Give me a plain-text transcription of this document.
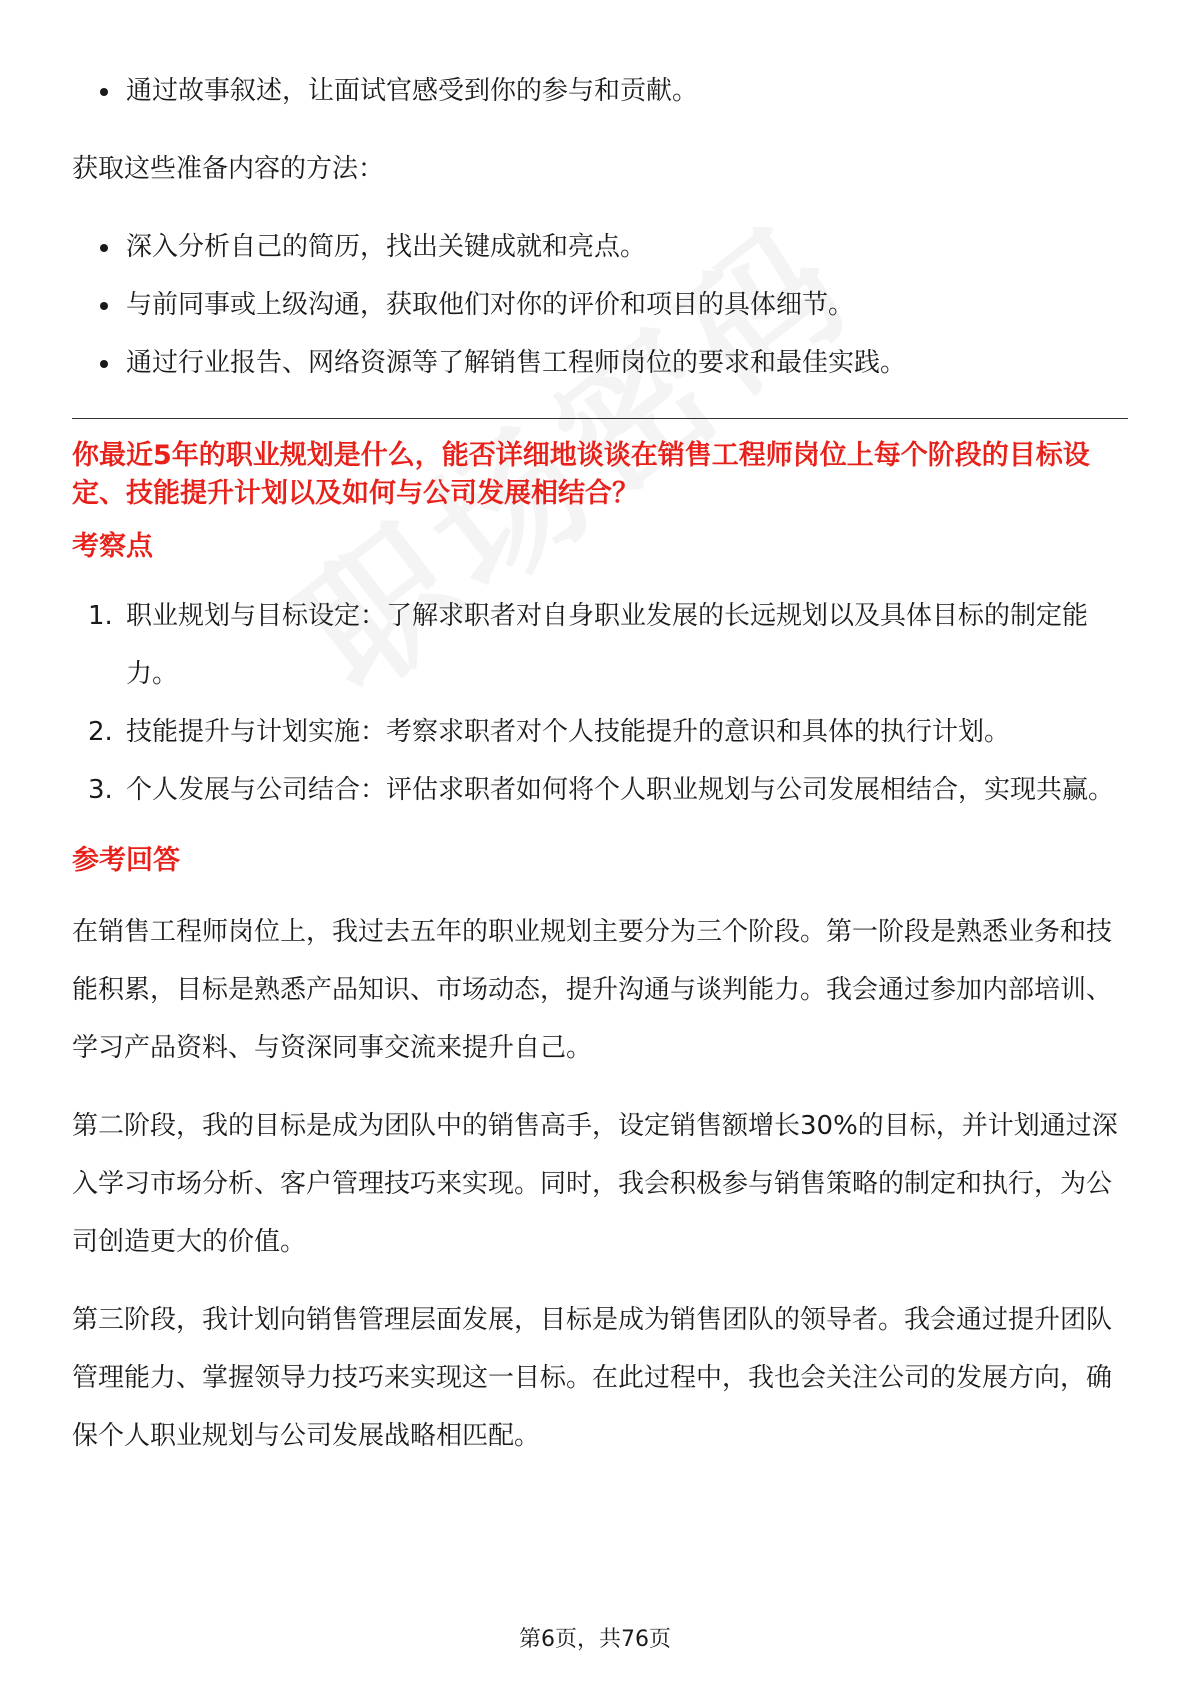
通过故事叙述，让面试官感受到你的参与和贡献。

获取这些准备内容的方法：

深入分析自己的简历，找出关键成就和亮点。
与前同事或上级沟通，获取他们对你的评价和项目的具体细节。
通过行业报告、网络资源等了解销售工程师岗位的要求和最佳实践。

你最近5年的职业规划是什么，能否详细地谈谈在销售工程师岗位上每个阶段的目标设定、技能提升计划以及如何与公司发展相结合？

考察点

1. 职业规划与目标设定：了解求职者对自身职业发展的长远规划以及具体目标的制定能力。
2. 技能提升与计划实施：考察求职者对个人技能提升的意识和具体的执行计划。
3. 个人发展与公司结合：评估求职者如何将个人职业规划与公司发展相结合，实现共赢。

参考回答

在销售工程师岗位上，我过去五年的职业规划主要分为三个阶段。第一阶段是熟悉业务和技能积累，目标是熟悉产品知识、市场动态，提升沟通与谈判能力。我会通过参加内部培训、学习产品资料、与资深同事交流来提升自己。

第二阶段，我的目标是成为团队中的销售高手，设定销售额增长30%的目标，并计划通过深入学习市场分析、客户管理技巧来实现。同时，我会积极参与销售策略的制定和执行，为公司创造更大的价值。

第三阶段，我计划向销售管理层面发展，目标是成为销售团队的领导者。我会通过提升团队管理能力、掌握领导力技巧来实现这一目标。在此过程中，我也会关注公司的发展方向，确保个人职业规划与公司发展战略相匹配。

第6页，共76页
